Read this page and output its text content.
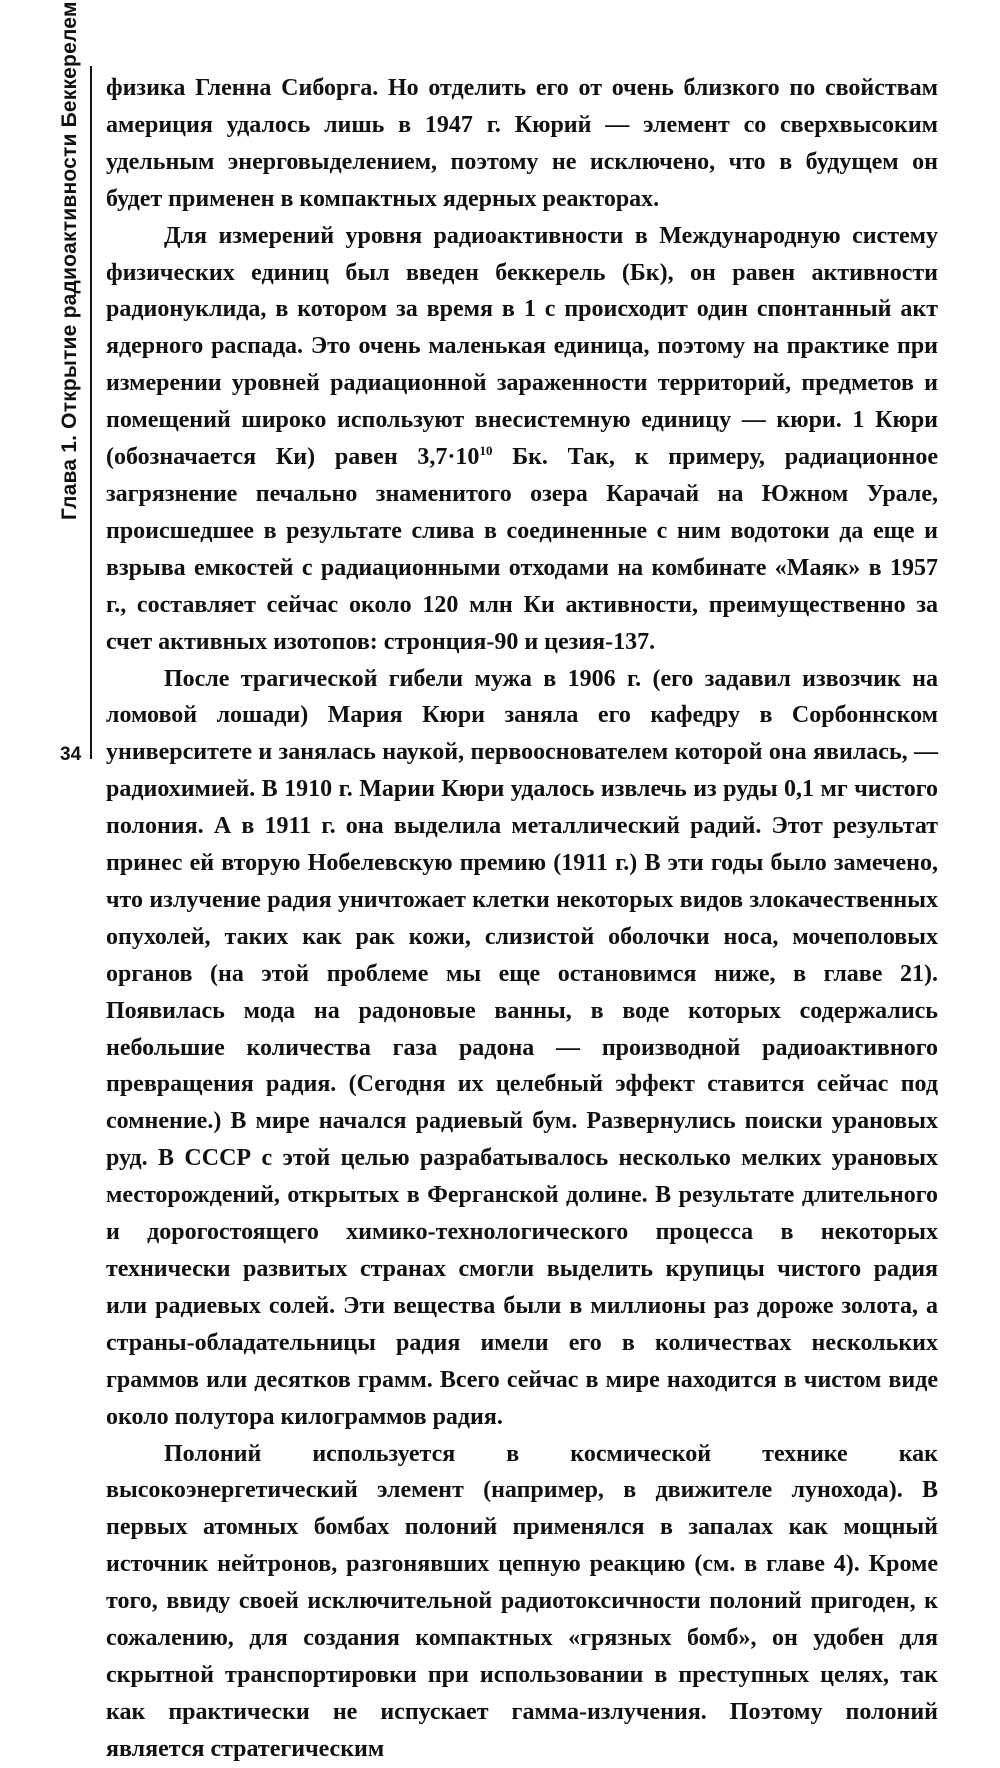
Глава 1. Открытие радиоактивности Беккерелем
34

физика Гленна Сиборга. Но отделить его от очень близкого по свойствам америция удалось лишь в 1947 г. Кюрий — элемент со сверхвысоким удельным энерговыделением, поэтому не исключено, что в будущем он будет применен в компактных ядерных реакторах.

Для измерений уровня радиоактивности в Международную систему физических единиц был введен беккерель (Бк), он равен активности радионуклида, в котором за время в 1 с происходит один спонтанный акт ядерного распада. Это очень маленькая единица, поэтому на практике при измерении уровней радиационной зараженности территорий, предметов и помещений широко используют внесистемную единицу — кюри. 1 Кюри (обозначается Ки) равен $3,7\cdot 10^{10}$ Бк. Так, к примеру, радиационное загрязнение печально знаменитого озера Карачай на Южном Урале, происшедшее в результате слива в соединенные с ним водотоки да еще и взрыва емкостей с радиационными отходами на комбинате «Маяк» в 1957 г., составляет сейчас около 120 млн Ки активности, преимущественно за счет активных изотопов: стронция-90 и цезия-137.

После трагической гибели мужа в 1906 г. (его задавил извозчик на ломовой лошади) Мария Кюри заняла его кафедру в Сорбоннском университете и занялась наукой, первооснователем которой она явилась, — радиохимией. В 1910 г. Марии Кюри удалось извлечь из руды 0,1 мг чистого полония. А в 1911 г. она выделила металлический радий. Этот результат принес ей вторую Нобелевскую премию (1911 г.) В эти годы было замечено, что излучение радия уничтожает клетки некоторых видов злокачественных опухолей, таких как рак кожи, слизистой оболочки носа, мочеполовых органов (на этой проблеме мы еще остановимся ниже, в главе 21). Появилась мода на радоновые ванны, в воде которых содержались небольшие количества газа радона — производной радиоактивного превращения радия. (Сегодня их целебный эффект ставится сейчас под сомнение.) В мире начался радиевый бум. Развернулись поиски урановых руд. В СССР с этой целью разрабатывалось несколько мелких урановых месторождений, открытых в Ферганской долине. В результате длительного и дорогостоящего химико-технологического процесса в некоторых технически развитых странах смогли выделить крупицы чистого радия или радиевых солей. Эти вещества были в миллионы раз дороже золота, а страны-обладательницы радия имели его в количествах нескольких граммов или десятков грамм. Всего сейчас в мире находится в чистом виде около полутора килограммов радия.

Полоний используется в космической технике как высокоэнергетический элемент (например, в движителе лунохода). В первых атомных бомбах полоний применялся в запалах как мощный источник нейтронов, разгонявших цепную реакцию (см. в главе 4). Кроме того, ввиду своей исключительной радиотоксичности полоний пригоден, к сожалению, для создания компактных «грязных бомб», он удобен для скрытной транспортировки при использовании в преступных целях, так как практически не испускает гамма-излучения. Поэтому полоний является стратегическим
